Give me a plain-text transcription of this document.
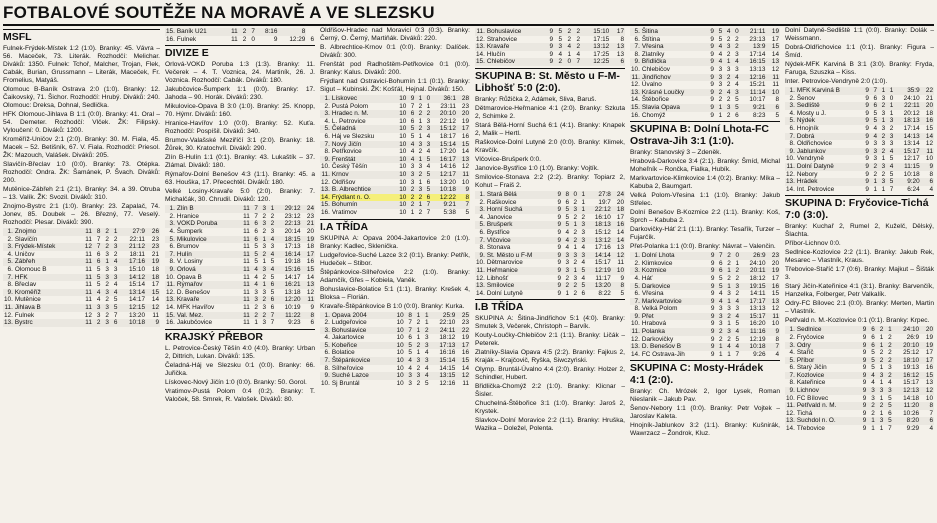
FOTBALOVÉ SOUTĚŽE NA MORAVĚ A VE SLEZSKU
MSFL

Fulnek-Frýdek-Místek 1:2 (1:0). Branky: 45. Vávra – 56. Maceček, 73. Literák. Rozhodčí: Melichar. Diváků: 1350. Fulnek: Tchoř, Malcher, Trojan, Flek, Cabák, Burian, Grussmann – Literák, Maceček, Fr. Fromelius, Matyáš.

Olomouc B-Baník Ostrava 2:0 (1:0). Branky: 12. Čaikovský, 71. Šichor. Rozhodčí: Hrubý. Diváků: 240. Olomouc: Dreksa, Dohnal, Sedlička.

HFK Olomouc-Jihlava B 1:1 (0:0). Branky: 41. Oral – 54. Demeter. Rozhodčí: Vlček. ŽK: Filipský. Vyloučení: 0. Diváků: 1200.

Kroměříž-Uničov 2:1 (2:0). Branky: 30. M. Fiala, 45. Macek – 52. Betišník, 67. V. Fiala. Rozhodčí: Priesol. ŽK: Mazouch, Valášek. Diváků: 205.

Slavičín-Břeclav 1:0 (0:0). Branky: 73. Otépka. Rozhodčí: Ondra. ŽK: Šamánek, P. Švach. Diváků: 200.

Mutěnice-Zábřeh 2:1 (2:1). Branky: 34. a 39. Otruba – 13. Valík. ŽK: Svozil. Diváků: 310.

Znojmo-Bystrc 2:1 (1:0). Branky: 23. Zapalač, 74. Jonev, 85. Doubek – 26. Březný, 77. Veselý. Rozhodčí: Plesar. Diváků: 390.

1.	Znojmo	11	8	2	1	27:9	26
2.	Slavičín	11	7	2	2	22:11	23
3.	Frýdek-Místek	12	7	2	3	21:12	23
4.	Uničov	11	6	3	2	18:11	21
5.	Zábřeh	11	6	1	4	17:16	19
6.	Olomouc B	11	5	3	3	15:10	18
7.	HFK	11	5	3	3	14:12	18
8.	Břeclav	11	5	2	4	15:14	17
9.	Kroměříž	11	4	3	4	13:14	15
10.	Mutěnice	11	4	2	5	14:17	14
11.	Jihlava B	11	3	3	5	12:15	12
12.	Fulnek	12	3	2	7	13:20	11
13.	Bystrc	11	2	3	6	10:18	9
15.	Baník U21	11	2	7	8:16	8	
16.	Fulnek	11	2	0	9	12:29	6
DIVIZE E

Orlová-VOKD Poruba 1:3 (1:3). Branky: 11. Večerek – 4. T. Voznica, 24. Martiník, 26. J. Voznica. Rozhodčí: Cabák. Diváků: 180.

Jakubčovice-Šumperk 1:1 (0:0). Branky: 17. Jahoda – 90. Horák. Diváků: 230.

Mikulovice-Opava B 3:0 (1:0). Branky: 25. Knopp, 70. Hýmr. Diváků: 160.

Hranice-Havířov 1:0 (0:0). Branky: 52. Kuťa. Rozhodčí: Pospíšil. Diváků: 340.

Brumov-Valašské Meziříčí 3:1 (2:0). Branky: 18. Žůrek, 30. Kratochvíl. Diváků: 290.

Zlín B-Hulín 1:1 (0:1). Branky: 43. Lukaštík – 37. Zlámal. Diváků: 180.

Rýmařov-Dolní Benešov 4:3 (1:1). Branky: 45. a 63. Houška, 17. Přecechtěl. Diváků: 180.

Velké Losiny-Kravaře 5:0 (2:0). Branky: 7. Michalčák, 30. Chrudil. Diváků: 120.

1.	Zlín B	11	7	3	1	29:12	24
2.	Hranice	11	7	2	2	23:12	23
3.	VOKD Poruba	11	6	3	2	22:13	21
4.	Šumperk	11	6	2	3	20:14	20
5.	Mikulovice	11	6	1	4	18:15	19
6.	Brumov	11	5	3	3	17:13	18
7.	Hulín	11	5	2	4	16:14	17
8.	V. Losiny	11	5	1	5	19:18	16
9.	Orlová	11	4	3	4	15:16	15
10.	Opava B	11	4	2	5	14:17	14
11.	Rýmařov	11	4	1	6	16:21	13
12.	D. Benešov	11	3	3	5	13:18	12
13.	Kravaře	11	3	2	6	12:20	11
14.	MFK Havířov	11	2	3	6	10:19	9
15.	Val. Mez.	11	2	2	7	11:22	8
16.	Jakubčovice	11	1	3	7	9:23	6
KRAJSKÝ PŘEBOR

L. Petrovice-Český Těšín 4:0 (4:0). Branky: Urban 2, Dittrich, Lukan. Diváků: 135.

Čeladná-Háj ve Slezsku 0:1 (0:0). Branky: 66. Juřička.

Lískovec-Nový Jičín 1:0 (0:0). Branky: 50. Gorol.

Vratimov-Pustá Polom 0:4 (0:2). Branky: T. Valoček, 58. Smrek, R. Valošek. Diváků: 80.

Oldřišov-Hradec nad Moravicí 0:3 (0:3). Branky: Černý, O. Černý, Martiňák. Diváků: 220.

B. Albrechtice-Krnov 0:1 (0:0). Branky: Dalíček. Diváků: 300.

Frenštát pod Radhoštěm-Petřkovice 0:1 (0:0). Branky: Kalus. Diváků: 200.

Frýdlant nad Ostravicí-Bohumín 1:1 (0:1). Branky: Sigut – Kubinski. ŽK: Košťál, Hejnal. Diváků: 150.

1.	Lískovec	10	9	1	0	36:1	28
2.	Pustá Polom	10	7	2	1	23:11	23
3.	Hradec n. M.	10	6	2	2	20:10	20
4.	L. Petrovice	10	6	1	3	22:12	19
5.	Čeladná	10	5	2	3	15:12	17
6.	Háj ve Slezsku	10	5	1	4	18:17	16
7.	Nový Jičín	10	4	3	3	15:14	15
8.	Petřkovice	10	4	2	4	17:20	14
9.	Frenštát	10	4	1	5	16:17	13
10.	Český Těšín	10	3	3	4	14:16	12
11.	Krnov	10	3	2	5	12:17	11
12.	Oldřišov	10	3	1	6	13:20	10
13.	B. Albrechtice	10	2	3	5	10:18	9
14.	Frýdlant n. O.	10	2	2	6	12:22	8
15.	Bohumín	10	2	1	7	9:21	7
16.	Vratimov	10	1	2	7	5:38	5
I.A TŘÍDA

SKUPINA A: Opava 2004-Jakartovice 2:0 (1:0). Branky: Kadlec, Sklenička.

Ludgeřovice-Suché Lazce 3:2 (0:1). Branky: Petřík, Hudeček – Stibor.

Štěpánkovice-Sílheřovice 2:2 (1:0). Branky: Adamčík, Gřes – Kobiela, Vaněk.

Bohuslavice-Bolatice 5:1 (1:1). Branky: Krešek 4, Bloksa – Florián.

Kravaře-Štěpánkovice B 1:0 (0:0). Branky: Kurka.

1.	Opava 2004	10	8	1	1	25:9	25
2.	Ludgeřovice	10	7	2	1	22:10	23
3.	Bohuslavice	10	7	1	2	24:11	22
4.	Jakartovice	10	6	1	3	18:12	19
5.	Kobeřice	10	5	2	3	17:13	17
6.	Bolatice	10	5	1	4	16:16	16
7.	Štěpánkovice	10	4	3	3	15:14	15
8.	Sílheřovice	10	4	2	4	14:15	14
9.	Suché Lazce	10	3	3	4	13:15	12
10.	Sj Bruntál	10	3	2	5	12:16	11
11.	Bohuslavice	9	5	2	2	15:10	17
12.	Strahovice	9	5	2	2	17:15	8
13.	Kravaře	9	3	4	2	13:12	13
14.	Hlučín	9	4	1	4	17:25	13
15.	Chlebičov	9	2	0	7	12:25	6
SKUPINA B: St. Město u F-M-Libhošť 5:0 (2:0).

Branky: Růžička 2, Adámek, Sliva, Baruš.

Dětmarovice-Heřmanice 4:1 (2:0). Branky: Szkuta 2, Schimke 2.

Stará Bělá-Horní Suchá 6:1 (4:1). Branky: Knapek 2, Malik – Hertl.

Raškovice-Dolní Lutyně 2:0 (0:0). Branky: Klimek, Kravčík.

Vlčovice-Brušperk 0:0.

Janovice-Bystřice 1:0 (1:0). Branky: Vojtík.

Smilovice-Stonava 2:2 (2:2). Branky: Topiarz 2, Kohut – Fraiš 2.

1.	Stará Bělá	9	8	0	1	27:8	24
2.	Raškovice	9	6	2	1	19:7	20
3.	Horní Suchá	9	5	3	1	22:12	18
4.	Janovice	9	5	2	2	16:10	17
5.	Brušperk	9	5	1	3	18:13	16
6.	Bystřice	9	4	2	3	15:12	14
7.	Vlčovice	9	4	2	3	13:12	14
8.	Stonava	9	4	1	4	17:16	13
9.	St. Město u F-M	9	3	3	3	14:14	12
10.	Dětmarovice	9	3	2	4	15:17	11
11.	Heřmanice	9	3	1	5	12:19	10
12.	Libhošť	9	2	3	4	11:17	9
13.	Smilovice	9	2	2	5	13:20	8
14.	Dolní Lutyně	9	1	2	6	8:22	5
I.B TŘÍDA

SKUPINA A: Šitina-Jindřichov 5:1 (4:0). Branky: Smutek 3, Večerek, Christoph – Barvík.

Kouty-Loučky-Chlebičov 2:1 (1:1). Branky: Ličák – Peterek.

Zlatníky-Slavia Opava 4:5 (2:2). Branky: Fajkus 2, Kraják – Krajčovič, Ryška, Siwczyński.

Olymp. Bruntál-Úvalno 4:4 (2:0). Branky: Holzer 2, Schindler, Hubert.

Břidlička-Chomýž 2:2 (1:0). Branky: Klicnar – Šisler.

Chuchelná-Štěbořice 3:1 (1:0). Branky: Jaroš 2, Krystek.

Slavkov-Dolní Moravice 2:2 (1:1). Branky: Hruška, Wazika – Doležel, Polenta.

5.	Šitina	9	5	4	0	21:11	19
6.	Štítina	9	5	2	2	23:13	17
7.	Vřesina	9	4	3	2	13:9	15
8.	Zlatníky	9	4	2	3	17:14	14
9.	Břidlička	9	4	1	4	16:15	13
10.	Chlebičov	9	3	3	3	13:13	12
11.	Jindřichov	9	3	2	4	12:16	11
12.	Úvalno	9	3	2	4	15:21	11
13.	Krásné Loučky	9	2	4	3	11:14	10
14.	Štěbořice	9	2	2	5	10:17	8
15.	Slavia Opava	9	1	3	5	9:21	6
16.	Chomýž	9	1	2	6	8:23	5
SKUPINA B: Dolní Lhota-FC Ostrava-Jih 3:1 (1:0).

Branky: Stanovský 3 – Zdeněk.

Hrabová-Darkovice 3:4 (2:1). Branky: Šmíd, Michal Moheľník – Rončka, Fialka, Hubík.

Markvartovice-Klimkovice 1:4 (0:2). Branky: Míka – Kabuba 2, Baumgart.

Velká Polom-Vřesina 1:1 (1:0). Branky: Jakub Střelec.

Dolní Benešov B-Kozmice 2:2 (1:1). Branky: Koš, Sprch – Kabuba 2.

Darkovičky-Háť 2:1 (1:1). Branky: Tesařík, Turzer – Fujarčík.

Přet-Polanka 1:1 (0:0). Branky: Návrat – Valenčin.

1.	Dolní Lhota	9	7	2	0	26:9	23
2.	Klimkovice	9	6	2	1	24:10	20
3.	Kozmice	9	6	1	2	20:11	19
4.	Háť	9	5	2	2	18:12	17
5.	Darkovice	9	5	1	3	19:15	16
6.	Vřesina	9	4	3	2	14:11	15
7.	Markvartovice	9	4	1	4	17:17	13
8.	Velká Polom	9	3	3	3	13:13	12
9.	Přet	9	3	2	4	15:17	11
10.	Hrabová	9	3	1	5	16:20	10
11.	Polanka	9	2	3	4	11:16	9
12.	Darkovičky	9	2	2	5	12:19	8
13.	D. Benešov B	9	1	4	4	10:18	7
14.	FC Ostrava-Jih	9	1	1	7	9:26	4
SKUPINA C: Mosty-Hrádek 4:1 (2:0).

Branky: Ch. Mrózek 2, Igor Lysek, Roman Nieslanik – Jakub Pav.

Šenov-Nebory 1:1 (0:0). Branky: Petr Vojtek – Jaroslav Kaleta.

Hnojník-Jablunkov 3:2 (1:1). Branky: Kušnirák, Wawrzacz – Žondrok, Kluz.

Dolní Datyně-Sedliště 1:1 (0:0). Branky: Dolák – Weissmann.

Dobrá-Oldřichovice 1:1 (0:1). Branky: Figura – Šmíd.

Nýdek-MFK Karviná B 3:1 (3:0). Branky: Fryda, Faruga, Szuszka – Kiss.

Inter. Petrovice-Vendryně 2:0 (1:0).

1.	MFK Karviná B	9	7	1	1	35:9	22
2.	Šenov	9	6	3	0	24:10	21
3.	Sedliště	9	6	2	1	22:11	20
4.	Mosty u J.	9	5	3	1	20:12	18
5.	Nýdek	9	5	1	3	18:13	16
6.	Hnojník	9	4	3	2	17:14	15
7.	Dobrá	9	4	2	3	14:13	14
8.	Oldřichovice	9	3	3	3	13:14	12
9.	Jablunkov	9	3	2	4	15:17	11
10.	Vendryně	9	3	1	5	12:17	10
11.	Dolní Datyně	9	2	3	4	11:15	9
12.	Nebory	9	2	2	5	10:18	8
13.	Hrádek	9	1	3	5	9:20	6
14.	Int. Petrovice	9	1	1	7	6:24	4
SKUPINA D: Fryčovice-Tichá 7:0 (3:0).

Branky: Kuchař 2, Rumel 2, Kuželč, Dělský, Šlachta.

Příbor-Lichnov 0:0.

Sedlnice-Kozlovice 2:2 (1:1). Branky: Jakub Rek, Mesarec – Vlastník, Kraus.

Třebovice-Staříč 1:7 (0:6). Branky: Majkut – Šišták 3.

Starý Jičín-Kateřinice 4:1 (3:1). Branky: Barvenčík, Hanzelka, Folberger, Petr Valkalík.

Odry-FC Bílovec 2:1 (0:0). Branky: Merten, Martin – Vlastník.

Petřvald n. M.-Kozlovice 0:1 (0:1). Branky: Krpec.

1.	Sedlnice	9	6	2	1	24:10	20
2.	Fryčovice	9	6	1	2	26:9	19
3.	Odry	9	6	1	2	20:10	19
4.	Staříč	9	5	2	2	25:12	17
5.	Příbor	9	5	2	2	18:10	17
6.	Starý Jičín	9	5	1	3	19:13	16
7.	Kozlovice	9	4	3	2	16:12	15
8.	Kateřinice	9	4	1	4	15:17	13
9.	Lichnov	9	3	3	3	12:13	12
10.	FC Bílovec	9	3	1	5	14:18	10
11.	Petřvald n. M.	9	2	2	5	11:20	8
12.	Tichá	9	2	1	6	10:26	7
13.	Suchdol n. O.	9	1	3	5	8:20	6
14.	Třebovice	9	1	1	7	9:29	4
